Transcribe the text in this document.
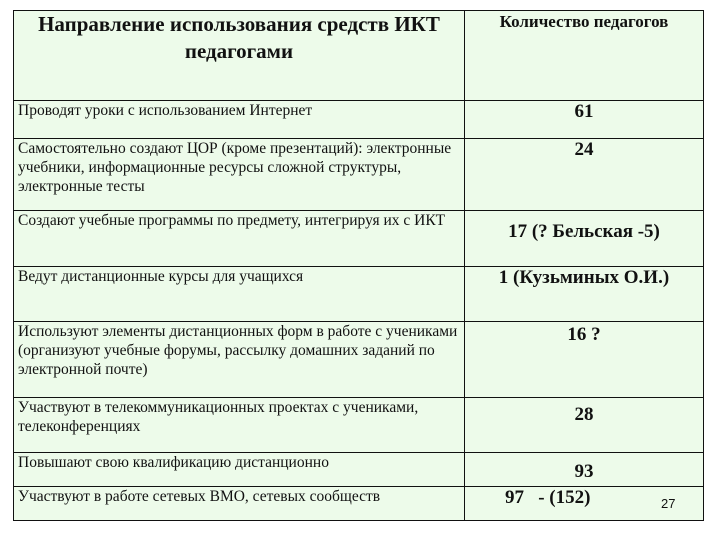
Направление использования средств ИКТ педагогами	Количество педагогов
Проводят уроки с использованием Интернет	61
Самостоятельно создают ЦОР (кроме презентаций): электронные учебники, информационные ресурсы сложной структуры, электронные тесты	24
Создают учебные программы по предмету, интегрируя их с ИКТ	17 (? Бельская -5)
Ведут дистанционные курсы для учащихся	1 (Кузьминых О.И.)
Используют элементы дистанционных форм в работе с учениками (организуют учебные форумы, рассылку домашних заданий по электронной почте)	16 ?
Участвуют в телекоммуникационных проектах с учениками, телеконференциях	28
Повышают свою квалификацию дистанционно	93
Участвуют в работе сетевых ВМО, сетевых сообществ	97   - (152)	27
